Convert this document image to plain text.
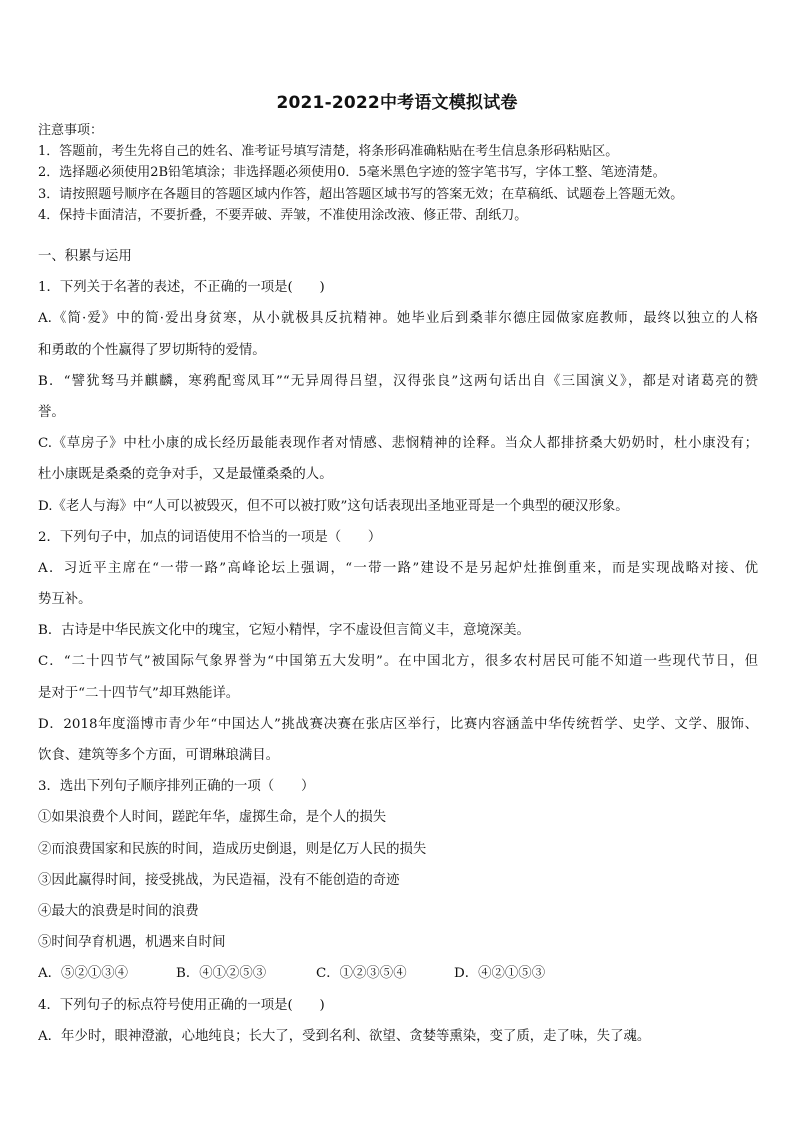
2021-2022中考语文模拟试卷
注意事项：
1．答题前，考生先将自己的姓名、准考证号填写清楚，将条形码准确粘贴在考生信息条形码粘贴区。
2．选择题必须使用2B铅笔填涂；非选择题必须使用0．5毫米黑色字迹的签字笔书写，字体工整、笔迹清楚。
3．请按照题号顺序在各题目的答题区域内作答，超出答题区域书写的答案无效；在草稿纸、试题卷上答题无效。
4．保持卡面清洁，不要折叠，不要弄破、弄皱，不准使用涂改液、修正带、刮纸刀。
一、积累与运用
1．下列关于名著的表述，不正确的一项是(　　)
A.《简·爱》中的简·爱出身贫寒，从小就极具反抗精神。她毕业后到桑菲尔德庄园做家庭教师，最终以独立的人格
和勇敢的个性赢得了罗切斯特的爱情。
B．“譬犹驽马并麒麟，寒鸦配鸾凤耳”“无异周得吕望，汉得张良”这两句话出自《三国演义》，都是对诸葛亮的赞
誉。
C.《草房子》中杜小康的成长经历最能表现作者对情感、悲悯精神的诠释。当众人都排挤桑大奶奶时，杜小康没有；
杜小康既是桑桑的竞争对手，又是最懂桑桑的人。
D.《老人与海》中“人可以被毁灭，但不可以被打败”这句话表现出圣地亚哥是一个典型的硬汉形象。
2．下列句子中，加点的词语使用不恰当的一项是（　　）
A．习近平主席在“一带一路”高峰论坛上强调，“一带一路”建设不是另起炉灶推倒重来，而是实现战略对接、优
势互补。
B．古诗是中华民族文化中的瑰宝，它短小精悍，字不虚设但言简义丰，意境深美。
C．“二十四节气”被国际气象界誉为“中国第五大发明”。在中国北方，很多农村居民可能不知道一些现代节日，但
是对于“二十四节气”却耳熟能详。
D．2018年度淄博市青少年“中国达人”挑战赛决赛在张店区举行，比赛内容涵盖中华传统哲学、史学、文学、服饰、
饮食、建筑等多个方面，可谓琳琅满目。
3．选出下列句子顺序排列正确的一项（　　）
①如果浪费个人时间，蹉跎年华，虚掷生命，是个人的损失
②而浪费国家和民族的时间，造成历史倒退，则是亿万人民的损失
③因此赢得时间，接受挑战，为民造福，没有不能创造的奇迹
④最大的浪费是时间的浪费
⑤时间孕育机遇，机遇来自时间
A．⑤②①③④	B．④①②⑤③	C．①②③⑤④	D．④②①⑤③
4．下列句子的标点符号使用正确的一项是(　　)
A．年少时，眼神澄澈，心地纯良；长大了，受到名利、欲望、贪婪等熏染，变了质，走了味，失了魂。
